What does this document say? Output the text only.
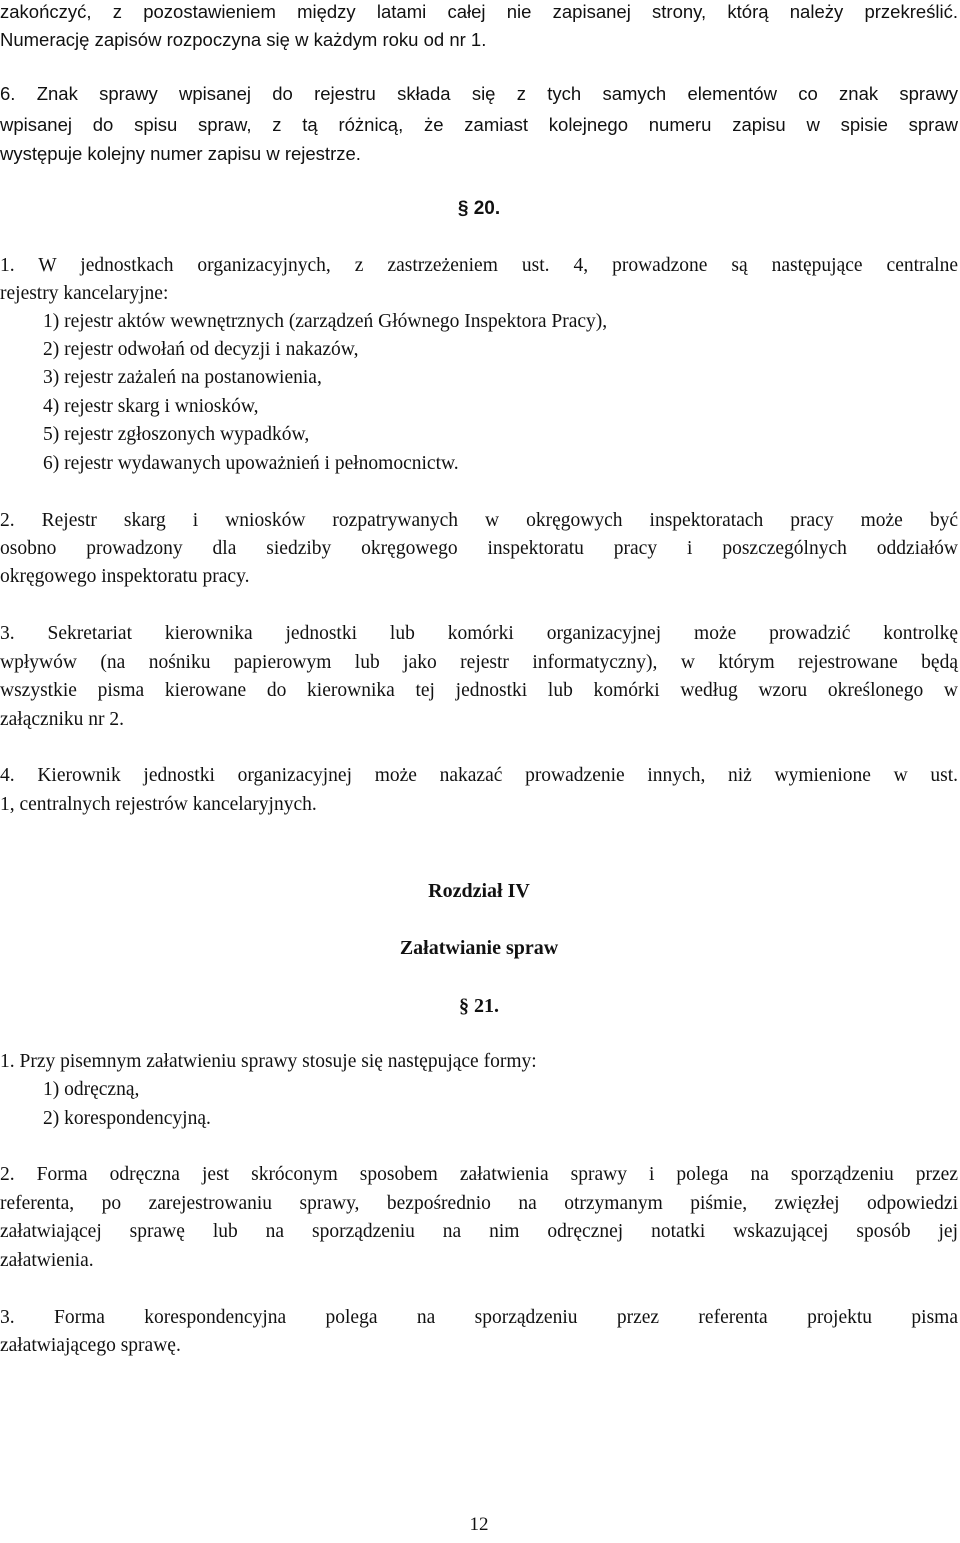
zakończyć, z pozostawieniem między latami całej nie zapisanej strony, którą należy przekreślić.
Numerację zapisów rozpoczyna się w każdym roku od nr 1.
6. Znak sprawy wpisanej do rejestru składa się z tych samych elementów co znak sprawy
wpisanej do spisu spraw, z tą różnicą, że zamiast kolejnego numeru zapisu w spisie spraw
występuje kolejny numer zapisu w rejestrze.
§ 20.
1. W jednostkach organizacyjnych, z zastrzeżeniem ust. 4, prowadzone są następujące centralne
rejestry kancelaryjne:
1) rejestr aktów wewnętrznych (zarządzeń Głównego Inspektora Pracy),
2) rejestr odwołań od decyzji i nakazów,
3) rejestr zażaleń na postanowienia,
4) rejestr skarg i wniosków,
5) rejestr zgłoszonych wypadków,
6) rejestr wydawanych upoważnień i pełnomocnictw.
2. Rejestr skarg i wniosków rozpatrywanych w okręgowych inspektoratach pracy może być
osobno prowadzony dla siedziby okręgowego inspektoratu pracy i poszczególnych oddziałów
okręgowego inspektoratu pracy.
3. Sekretariat kierownika jednostki lub komórki organizacyjnej może prowadzić kontrolkę
wpływów (na nośniku papierowym lub jako rejestr informatyczny), w którym rejestrowane będą
wszystkie pisma kierowane do kierownika tej jednostki lub komórki według wzoru określonego w
załączniku nr 2.
4. Kierownik jednostki organizacyjnej może nakazać prowadzenie innych, niż wymienione w ust.
1, centralnych rejestrów kancelaryjnych.
Rozdział IV
Załatwianie spraw
§ 21.
1. Przy pisemnym załatwieniu sprawy stosuje się następujące formy:
1) odręczną,
2) korespondencyjną.
2. Forma odręczna jest skróconym sposobem załatwienia sprawy i polega na sporządzeniu przez
referenta, po zarejestrowaniu sprawy, bezpośrednio na otrzymanym piśmie, zwięzłej odpowiedzi
załatwiającej sprawę lub na sporządzeniu na nim odręcznej notatki wskazującej sposób jej
załatwienia.
3. Forma korespondencyjna polega na sporządzeniu przez referenta projektu pisma
załatwiającego sprawę.
12
